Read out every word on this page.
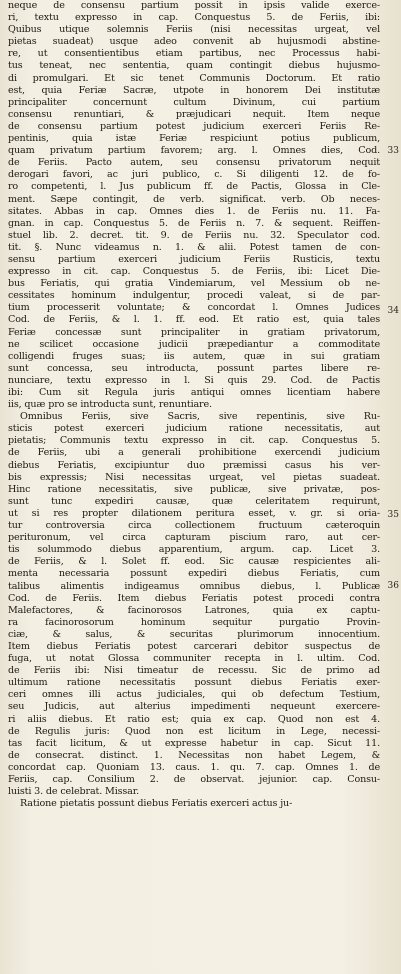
neque de consensu partium possit in ipsis valide exerce-
ri, textu expresso in cap. Conquestus 5. de Feriis, ibi:
Quibus utique solemnis Feriis (nisi necessitas urgeat, vel
pietas suadeat) usque adeo convenit ab hujusmodi abstine-
re, ut consentientibus etiam partibus, nec Processus habi-
tus teneat, nec sententia, quam contingit diebus hujusmo-
di promulgari. Et sic tenet Communis Doctorum. Et ratio
est, quia Feriæ Sacræ, utpote in honorem Dei institutæ
principaliter concernunt cultum Divinum, cui partium
consensu renuntiari, & præjudicari nequit. Item neque
de consensu partium potest judicium exerceri Feriis Re-
pentinis, quia istæ Feriæ respiciunt potius publicum,
quam privatum partium favorem; arg. l. Omnes dies, Cod.
de Feriis. Pacto autem, seu consensu privatorum nequit
derogari favori, ac juri publico, c. Si diligenti 12. de fo-
ro competenti, l. Jus publicum ff. de Pactis, Glossa in Cle-
ment. Sæpe contingit, de verb. significat. verb. Ob neces-
sitates. Abbas in cap. Omnes dies 1. de Feriis nu. 11. Fa-
gnan. in cap. Conquestus 5. de Feriis n. 7. & sequent. Reiffen-
stuel lib. 2. decret. tit. 9. de Feriis nu. 32. Speculator cod.
tit. §. Nunc videamus n. 1. & alii. Potest tamen de con-
sensu partium exerceri judicium Feriis Rusticis, textu
expresso in cit. cap. Conquestus 5. de Feriis, ibi: Licet Die-
bus Feriatis, qui gratia Vindemiarum, vel Messium ob ne-
cessitates hominum indulgentur, procedi valeat, si de par-
tium processerit voluntate; & concordat l. Omnes Judices
Cod. de Feriis, & l. 1. ff. eod. Et ratio est, quia tales
Feriæ concessæ sunt principaliter in gratiam privatorum,
ne scilicet occasione judicii præpediantur a commoditate
colligendi fruges suas; iis autem, quæ in sui gratiam
sunt concessa, seu introducta, possunt partes libere re-
nunciare, textu expresso in l. Si quis 29. Cod. de Pactis
ibi: Cum sit Regula juris antiqui omnes licentiam habere
iis, quæ pro se introducta sunt, renuntiare.
Omnibus Feriis, sive Sacris, sive repentinis, sive Ru-
sticis potest exerceri judicium ratione necessitatis, aut
pietatis; Communis textu expresso in cit. cap. Conquestus 5.
de Feriis, ubi a generali prohibitione exercendi judicium
diebus Feriatis, excipiuntur duo præmissi casus his ver-
bis expressis; Nisi necessitas urgeat, vel pietas suadeat.
Hinc ratione necessitatis, sive publicæ, sive privatæ, pos-
sunt tunc expediri causæ, quæ celeritatem requirunt,
ut si res propter dilationem peritura esset, v. gr. si oria-
tur controversia circa collectionem fructuum cæteroquin
perituronum, vel circa capturam piscium raro, aut cer-
tis solummodo diebus apparentium, argum. cap. Licet 3.
de Feriis, & l. Solet ff. eod. Sic causæ respicientes ali-
menta necessaria possunt expediri diebus Feriatis, cum
talibus alimentis indigeamus omnibus diebus, l. Publicæ
Cod. de Feriis. Item diebus Feriatis potest procedi contra
Malefactores, & facinorosos Latrones, quia ex captu-
ra facinorosorum hominum sequitur purgatio Provin-
ciæ, & salus, & securitas plurimorum innocentium.
Item diebus Feriatis potest carcerari debitor suspectus de
fuga, ut notat Glossa communiter recepta in l. ultim. Cod.
de Feriis ibi: Nisi timeatur de recessu. Sic de primo ad
ultimum ratione necessitatis possunt diebus Feriatis exer-
ceri omnes illi actus judiciales, qui ob defectum Testium,
seu Judicis, aut alterius impedimenti nequeunt exercere-
ri aliis diebus. Et ratio est; quia ex cap. Quod non est 4.
de Regulis juris: Quod non est licitum in Lege, necessi-
tas facit licitum, & ut expresse habetur in cap. Sicut 11.
de consecrat. distinct. 1. Necessitas non habet Legem, &
concordat cap. Quoniam 13. caus. 1. qu. 7. cap. Omnes 1. de
Feriis, cap. Consilium 2. de observat. jejunior. cap. Consu-
luisti 3. de celebrat. Missar.
Ratione pietatis possunt diebus Feriatis exerceri actus ju-
33
34
35
36
